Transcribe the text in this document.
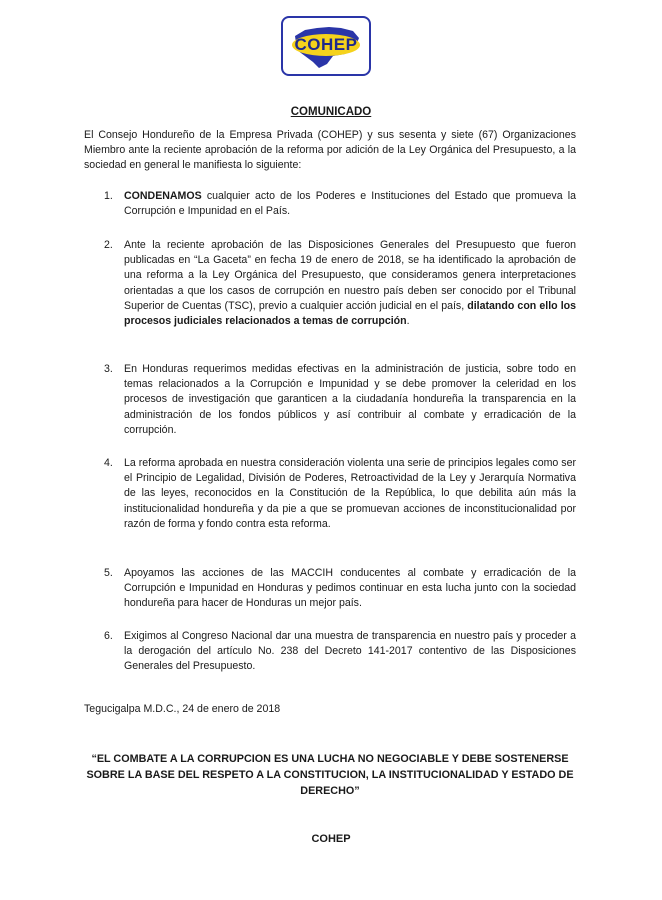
COHEP
COMUNICADO

El Consejo Hondureño de la Empresa Privada (COHEP) y sus sesenta y siete (67) Organizaciones Miembro ante la reciente aprobación de la reforma por adición de la Ley Orgánica del Presupuesto, a la sociedad en general le manifiesta lo siguiente:

1. CONDENAMOS cualquier acto de los Poderes e Instituciones del Estado que promueva la Corrupción e Impunidad en el País.
2. Ante la reciente aprobación de las Disposiciones Generales del Presupuesto que fueron publicadas en “La Gaceta” en fecha 19 de enero de 2018, se ha identificado la aprobación de una reforma a la Ley Orgánica del Presupuesto, que consideramos genera interpretaciones orientadas a que los casos de corrupción en nuestro país deben ser conocido por el Tribunal Superior de Cuentas (TSC), previo a cualquier acción judicial en el país, dilatando con ello los procesos judiciales relacionados a temas de corrupción.
3. En Honduras requerimos medidas efectivas en la administración de justicia, sobre todo en temas relacionados a la Corrupción e Impunidad y se debe promover la celeridad en los procesos de investigación que garanticen a la ciudadanía hondureña la transparencia en la administración de los fondos públicos y así contribuir al combate y erradicación de la corrupción.
4. La reforma aprobada en nuestra consideración violenta una serie de principios legales como ser el Principio de Legalidad, División de Poderes, Retroactividad de la Ley y Jerarquía Normativa de las leyes, reconocidos en la Constitución de la República, lo que debilita aún más la institucionalidad hondureña y da pie a que se promuevan acciones de inconstitucionalidad por razón de forma y fondo contra esta reforma.
5. Apoyamos las acciones de las MACCIH conducentes al combate y erradicación de la Corrupción e Impunidad en Honduras y pedimos continuar en esta lucha junto con la sociedad hondureña para hacer de Honduras un mejor país.
6. Exigimos al Congreso Nacional dar una muestra de transparencia en nuestro país y proceder a la derogación del artículo No. 238 del Decreto 141-2017 contentivo de las Disposiciones Generales del Presupuesto.
Tegucigalpa M.D.C., 24 de enero de 2018

“EL COMBATE A LA CORRUPCION ES UNA LUCHA NO NEGOCIABLE Y DEBE SOSTENERSE SOBRE LA BASE DEL RESPETO A LA CONSTITUCION, LA INSTITUCIONALIDAD Y ESTADO DE DERECHO”

COHEP
